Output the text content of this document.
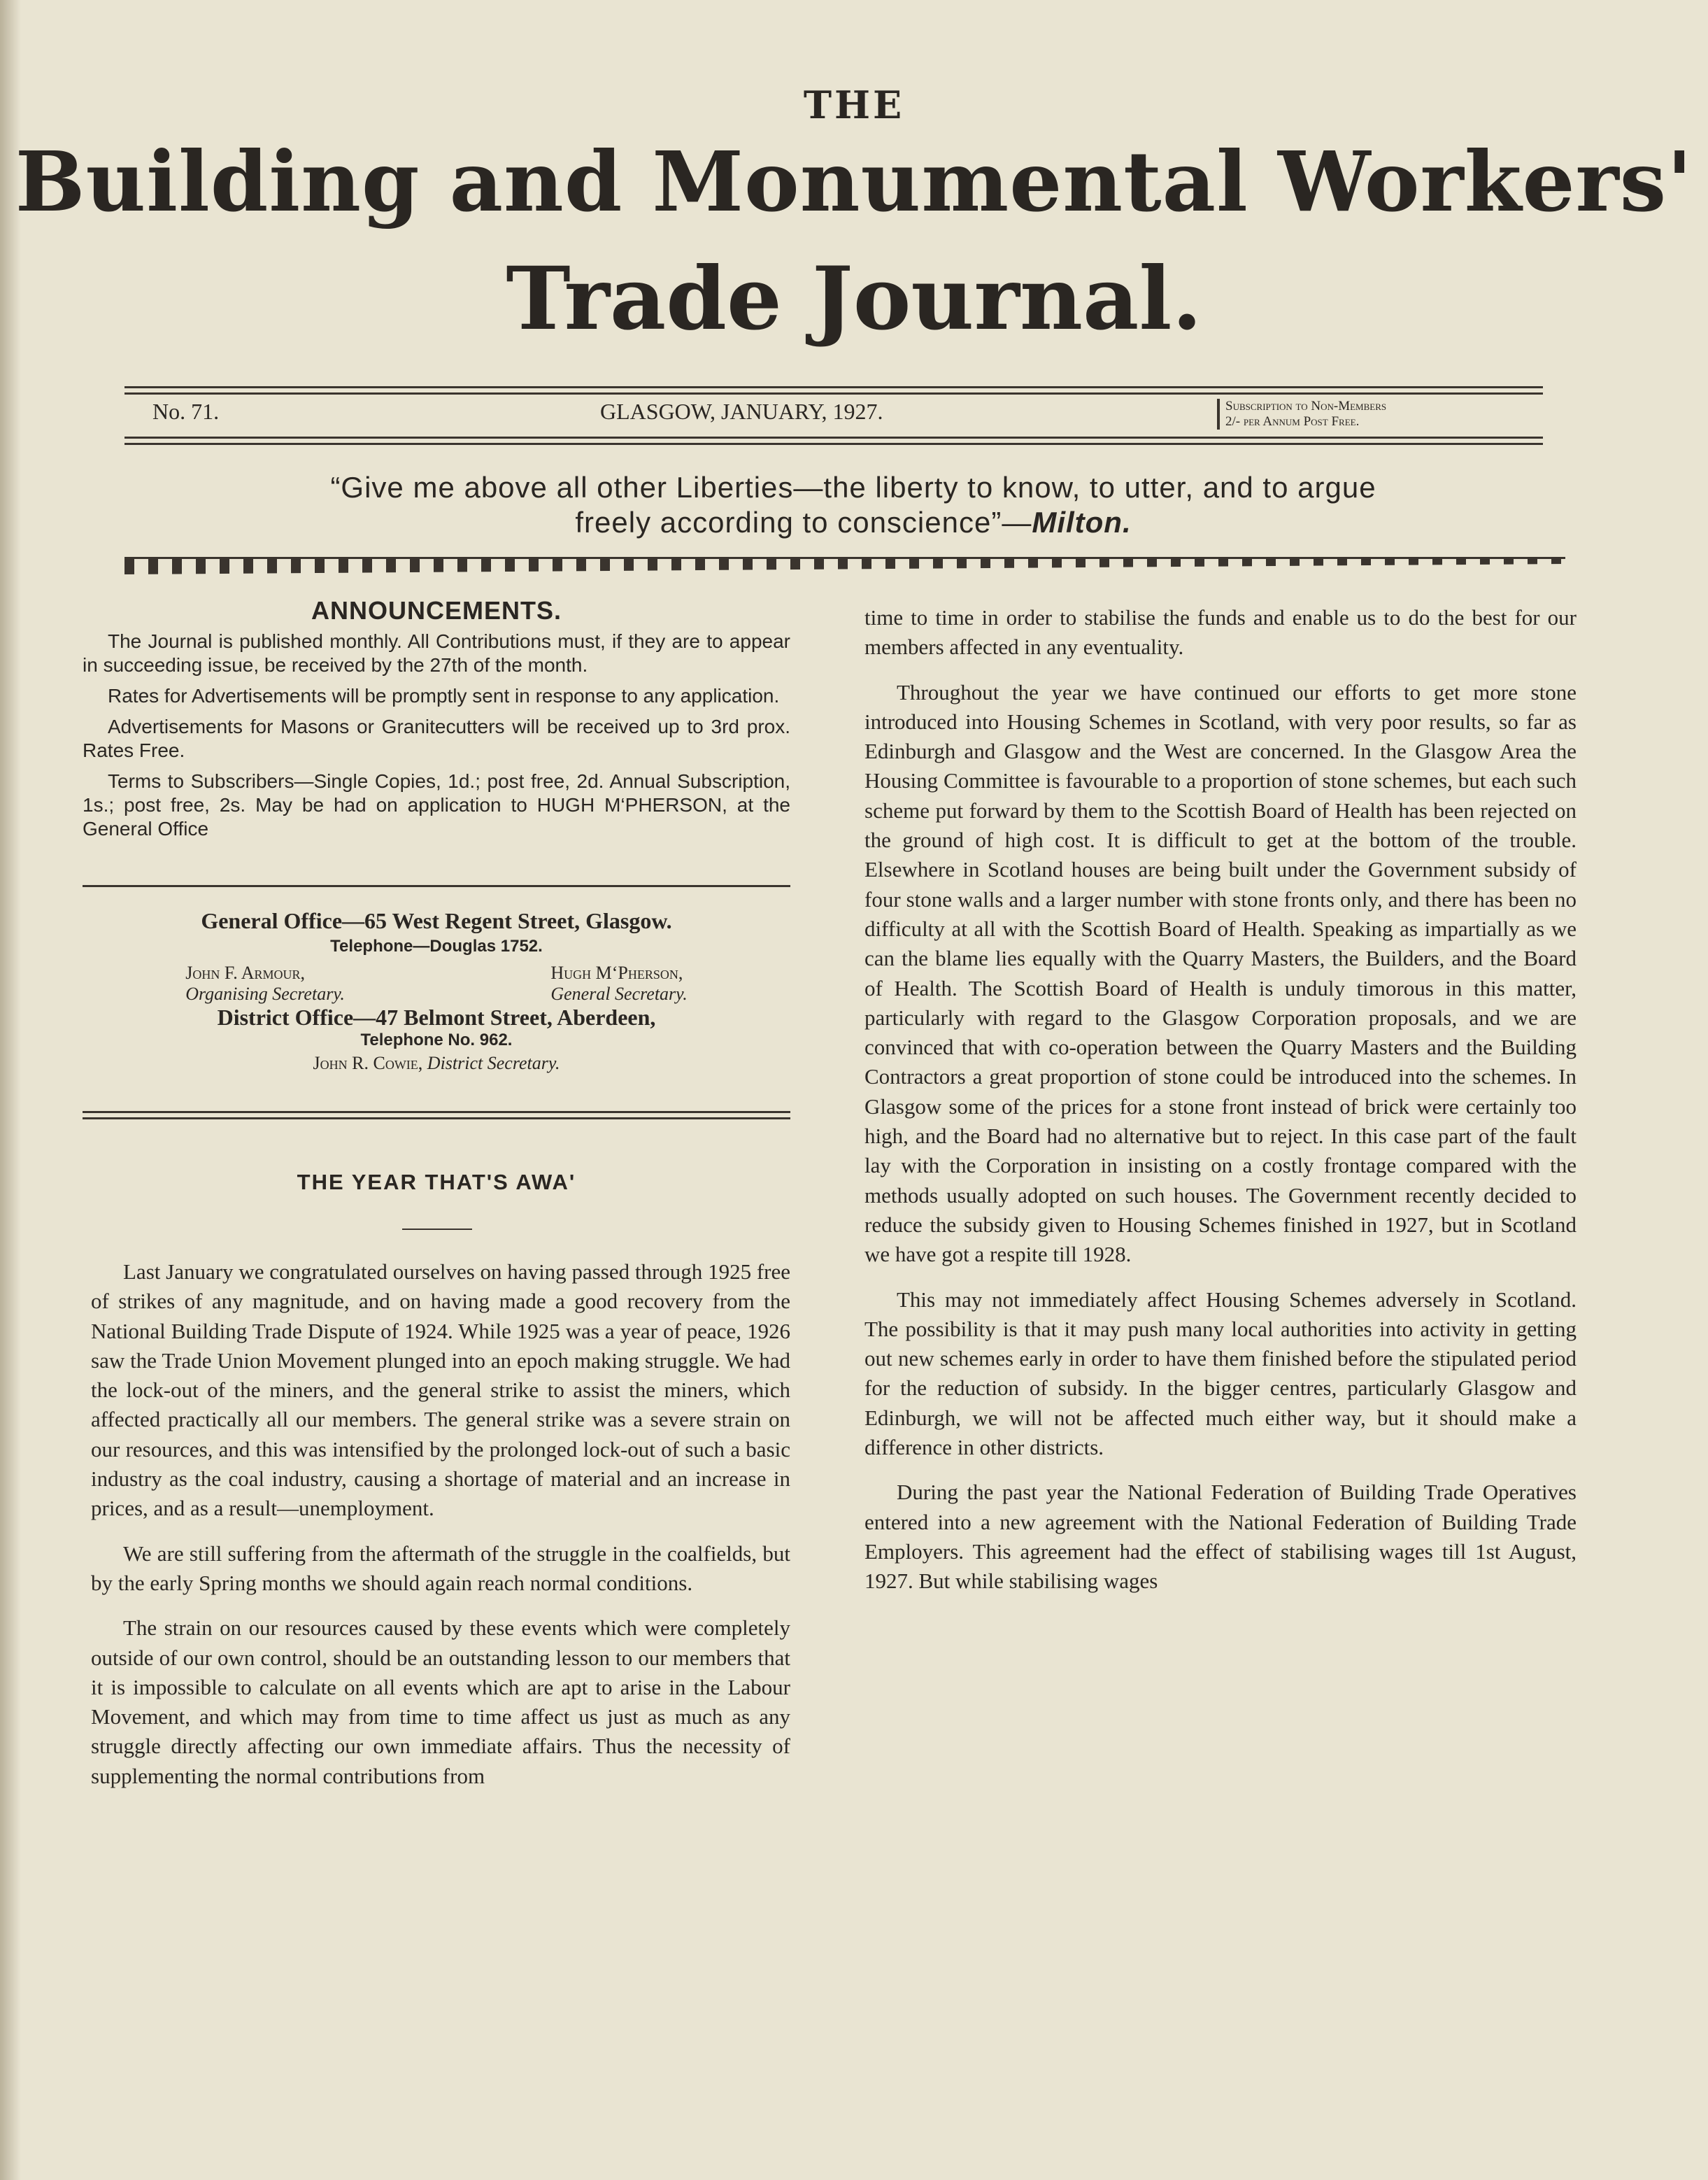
THE
Building and Monumental Workers'
Trade Journal.
No. 71.	GLASGOW, JANUARY, 1927.	Subscription to Non-Members
2/- per Annum Post Free.
“Give me above all other Liberties—the liberty to know, to utter, and to argue
freely according to conscience”—Milton.
ANNOUNCEMENTS.

The Journal is published monthly. All Contributions must, if they are to appear in succeeding issue, be received by the 27th of the month.

Rates for Advertisements will be promptly sent in response to any application.

Advertisements for Masons or Granitecutters will be received up to 3rd prox. Rates Free.

Terms to Subscribers—Single Copies, 1d.; post free, 2d. Annual Subscription, 1s.; post free, 2s. May be had on application to HUGH M‘PHERSON, at the General Office

General Office—65 West Regent Street, Glasgow.
Telephone—Douglas 1752.
John F. Armour,
Organising Secretary.
Hugh M‘Pherson,
General Secretary.
District Office—47 Belmont Street, Aberdeen,
Telephone No. 962.
John R. Cowie, District Secretary.
THE YEAR THAT'S AWA'

Last January we congratulated ourselves on having passed through 1925 free of strikes of any magnitude, and on having made a good recovery from the National Building Trade Dispute of 1924. While 1925 was a year of peace, 1926 saw the Trade Union Movement plunged into an epoch making struggle. We had the lock-out of the miners, and the general strike to assist the miners, which affected practically all our members. The general strike was a severe strain on our resources, and this was intensified by the prolonged lock-out of such a basic industry as the coal industry, causing a shortage of material and an increase in prices, and as a result—unemployment.

We are still suffering from the aftermath of the struggle in the coalfields, but by the early Spring months we should again reach normal conditions.

The strain on our resources caused by these events which were completely outside of our own control, should be an outstanding lesson to our members that it is impossible to calculate on all events which are apt to arise in the Labour Movement, and which may from time to time affect us just as much as any struggle directly affecting our own immediate affairs. Thus the necessity of supplementing the normal contributions from

time to time in order to stabilise the funds and enable us to do the best for our members affected in any eventuality.

Throughout the year we have continued our efforts to get more stone introduced into Housing Schemes in Scotland, with very poor results, so far as Edinburgh and Glasgow and the West are concerned. In the Glasgow Area the Housing Committee is favourable to a proportion of stone schemes, but each such scheme put forward by them to the Scottish Board of Health has been rejected on the ground of high cost. It is difficult to get at the bottom of the trouble. Elsewhere in Scotland houses are being built under the Government subsidy of four stone walls and a larger number with stone fronts only, and there has been no difficulty at all with the Scottish Board of Health. Speaking as impartially as we can the blame lies equally with the Quarry Masters, the Builders, and the Board of Health. The Scottish Board of Health is unduly timorous in this matter, particularly with regard to the Glasgow Corporation proposals, and we are convinced that with co-operation between the Quarry Masters and the Building Contractors a great proportion of stone could be introduced into the schemes. In Glasgow some of the prices for a stone front instead of brick were certainly too high, and the Board had no alternative but to reject. In this case part of the fault lay with the Corporation in insisting on a costly frontage compared with the methods usually adopted on such houses. The Government recently decided to reduce the subsidy given to Housing Schemes finished in 1927, but in Scotland we have got a respite till 1928.

This may not immediately affect Housing Schemes adversely in Scotland. The possibility is that it may push many local authorities into activity in getting out new schemes early in order to have them finished before the stipulated period for the reduction of subsidy. In the bigger centres, particularly Glasgow and Edinburgh, we will not be affected much either way, but it should make a difference in other districts.

During the past year the National Federation of Building Trade Operatives entered into a new agreement with the National Federation of Building Trade Employers. This agreement had the effect of stabilising wages till 1st August, 1927. But while stabilising wages
